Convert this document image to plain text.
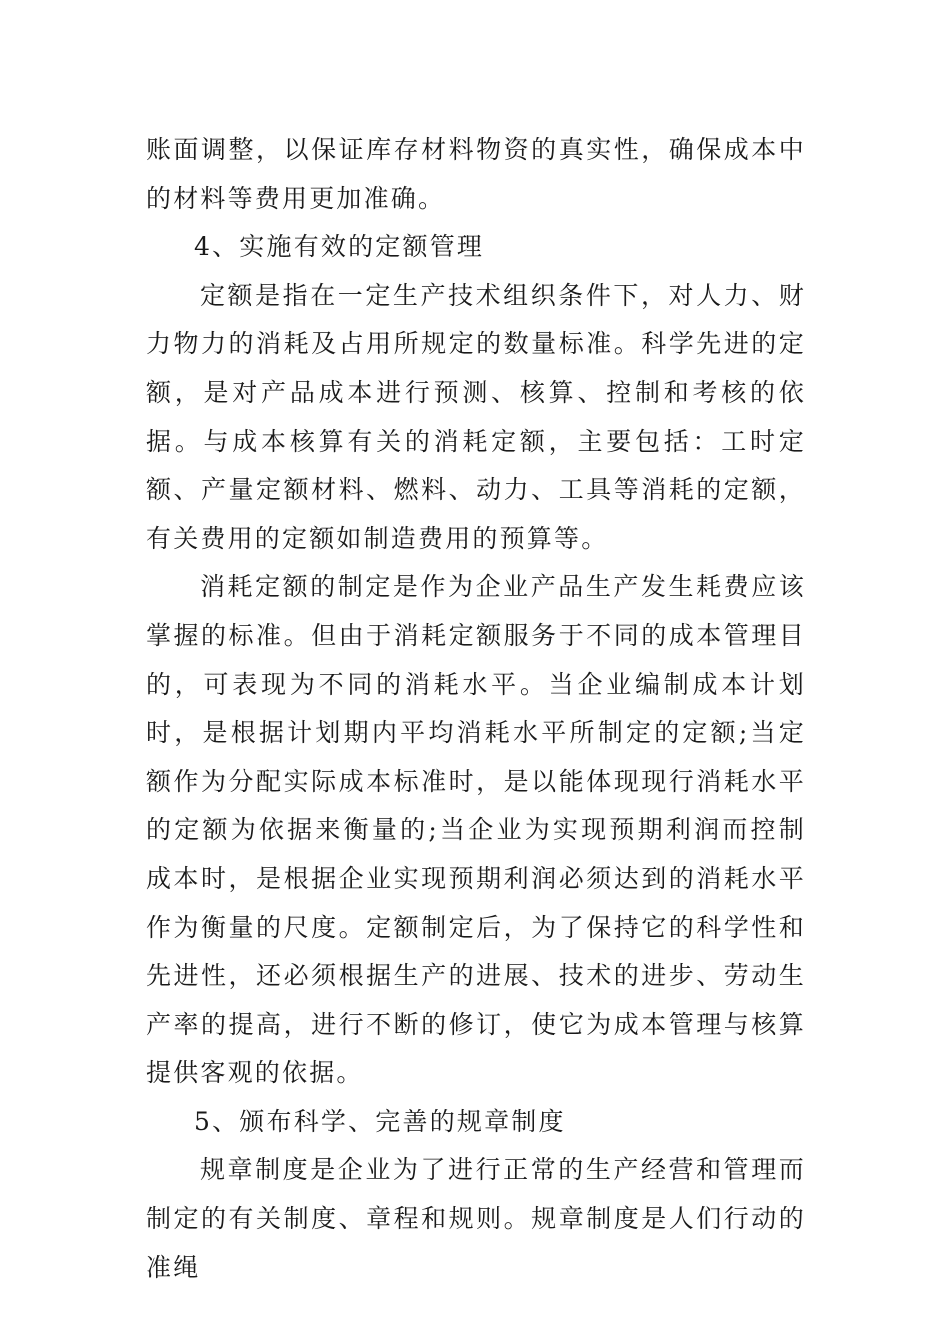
账面调整，以保证库存材料物资的真实性，确保成本中的材料等费用更加准确。

4、实施有效的定额管理

定额是指在一定生产技术组织条件下，对人力、财力物力的消耗及占用所规定的数量标准。科学先进的定额，是对产品成本进行预测、核算、控制和考核的依据。与成本核算有关的消耗定额，主要包括：工时定额、产量定额材料、燃料、动力、工具等消耗的定额，有关费用的定额如制造费用的预算等。

消耗定额的制定是作为企业产品生产发生耗费应该掌握的标准。但由于消耗定额服务于不同的成本管理目的，可表现为不同的消耗水平。当企业编制成本计划时，是根据计划期内平均消耗水平所制定的定额;当定额作为分配实际成本标准时，是以能体现现行消耗水平的定额为依据来衡量的;当企业为实现预期利润而控制成本时，是根据企业实现预期利润必须达到的消耗水平作为衡量的尺度。定额制定后，为了保持它的科学性和先进性，还必须根据生产的进展、技术的进步、劳动生产率的提高，进行不断的修订，使它为成本管理与核算提供客观的依据。

5、颁布科学、完善的规章制度

规章制度是企业为了进行正常的生产经营和管理而制定的有关制度、章程和规则。规章制度是人们行动的准绳
